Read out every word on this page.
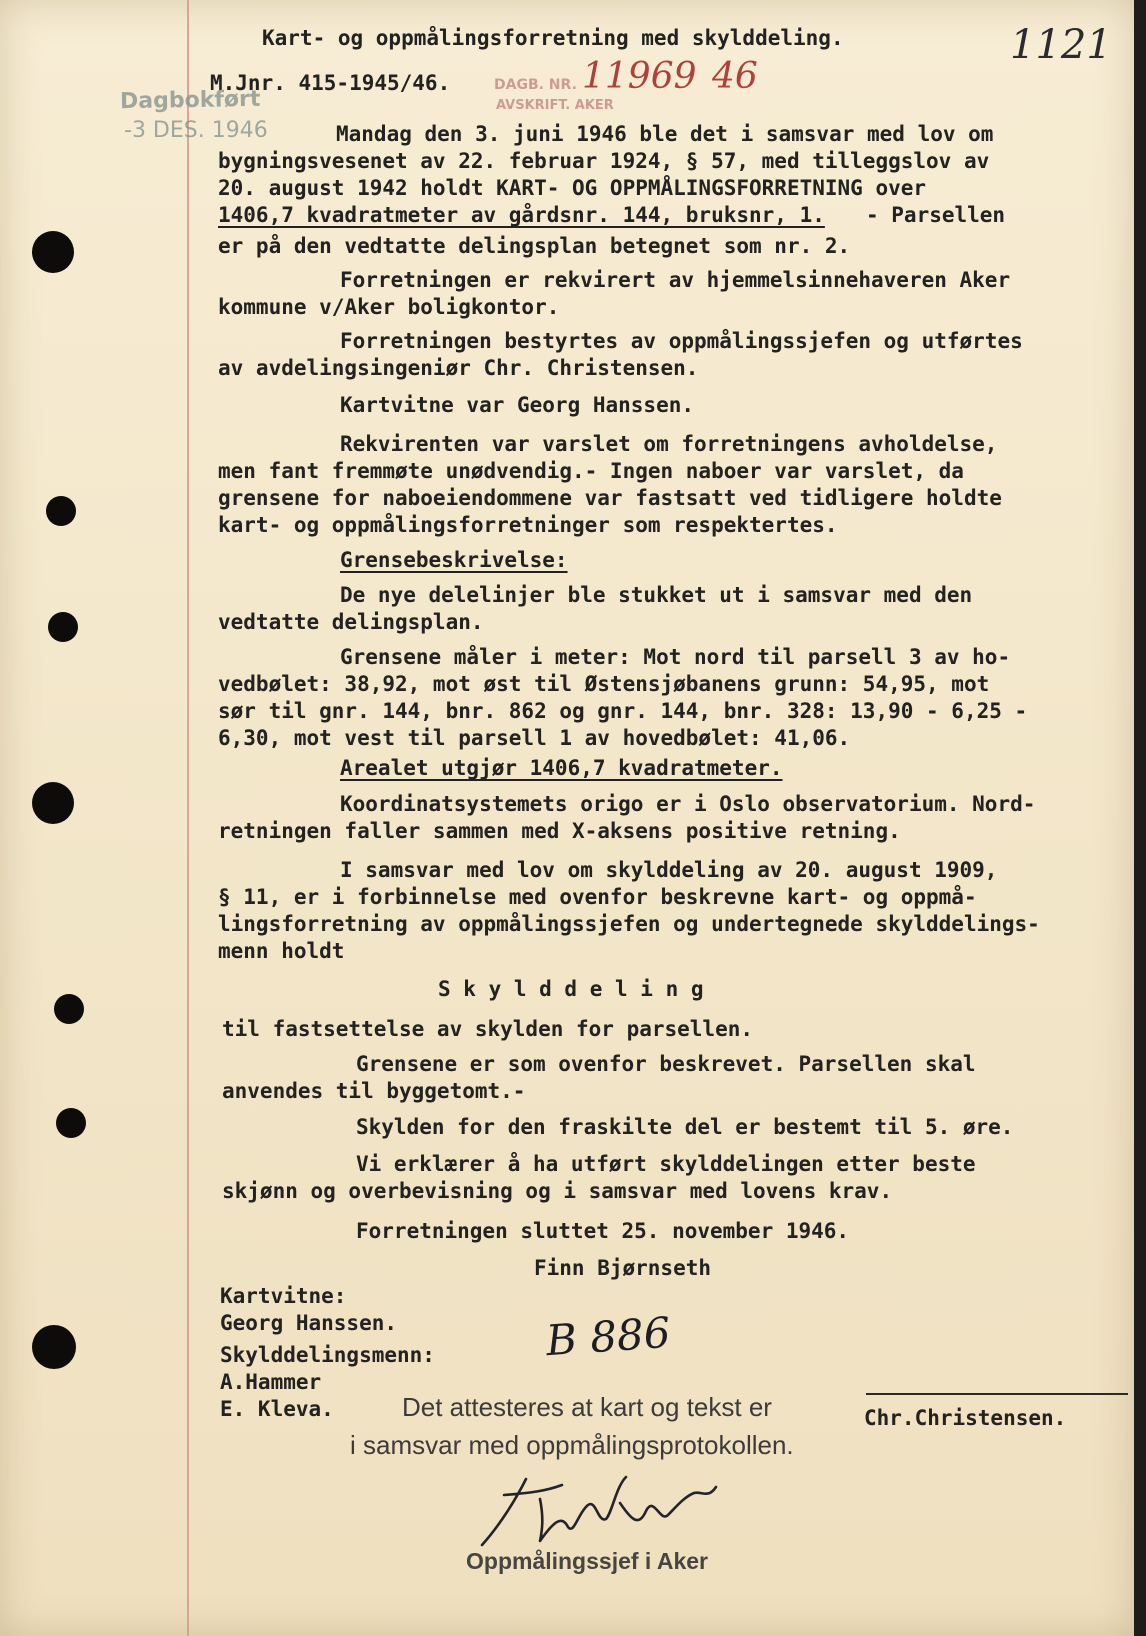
Kart- og oppmålingsforretning med skylddeling.	1121
M.Jnr. 415-1945/46.
Dagbokført
-3 DES. 1946
DAGB. NR. 11969 46
AVSKRIFT. AKER
Mandag den 3. juni 1946 ble det i samsvar med lov om
bygningsvesenet av 22. februar 1924, § 57, med tilleggslov av
20. august 1942 holdt KART- OG OPPMÅLINGSFORRETNING over
1406,7 kvadratmeter av gårdsnr. 144, bruksnr, 1. - Parsellen
er på den vedtatte delingsplan betegnet som nr. 2.
Forretningen er rekvirert av hjemmelsinnehaveren Aker
kommune v/Aker boligkontor.
Forretningen bestyrtes av oppmålingssjefen og utførtes
av avdelingsingeniør Chr. Christensen.
Kartvitne var Georg Hanssen.
Rekvirenten var varslet om forretningens avholdelse,
men fant fremmøte unødvendig.- Ingen naboer var varslet, da
grensene for naboeiendommene var fastsatt ved tidligere holdte
kart- og oppmålingsforretninger som respektertes.
Grensebeskrivelse:
De nye delelinjer ble stukket ut i samsvar med den
vedtatte delingsplan.
Grensene måler i meter: Mot nord til parsell 3 av ho-
vedbølet: 38,92, mot øst til Østensjøbanens grunn: 54,95, mot
sør til gnr. 144, bnr. 862 og gnr. 144, bnr. 328: 13,90 - 6,25 -
6,30, mot vest til parsell 1 av hovedbølet: 41,06.
Arealet utgjør 1406,7 kvadratmeter.
Koordinatsystemets origo er i Oslo observatorium. Nord-
retningen faller sammen med X-aksens positive retning.
I samsvar med lov om skylddeling av 20. august 1909,
§ 11, er i forbinnelse med ovenfor beskrevne kart- og oppmå-
lingsforretning av oppmålingssjefen og undertegnede skylddelings-
menn holdt
S k y l d d e l i n g
til fastsettelse av skylden for parsellen.
Grensene er som ovenfor beskrevet. Parsellen skal
anvendes til byggetomt.-
Skylden for den fraskilte del er bestemt til 5. øre.
Vi erklærer å ha utført skylddelingen etter beste
skjønn og overbevisning og i samsvar med lovens krav.
Forretningen sluttet 25. november 1946.
Finn Bjørnseth
Kartvitne:
Georg Hanssen.
Skylddelingsmenn:
A.Hammer
E. Kleva.
B 886
Chr.Christensen.
Det attesteres at kart og tekst er
i samsvar med oppmålingsprotokollen.
Oppmålingssjef i Aker
